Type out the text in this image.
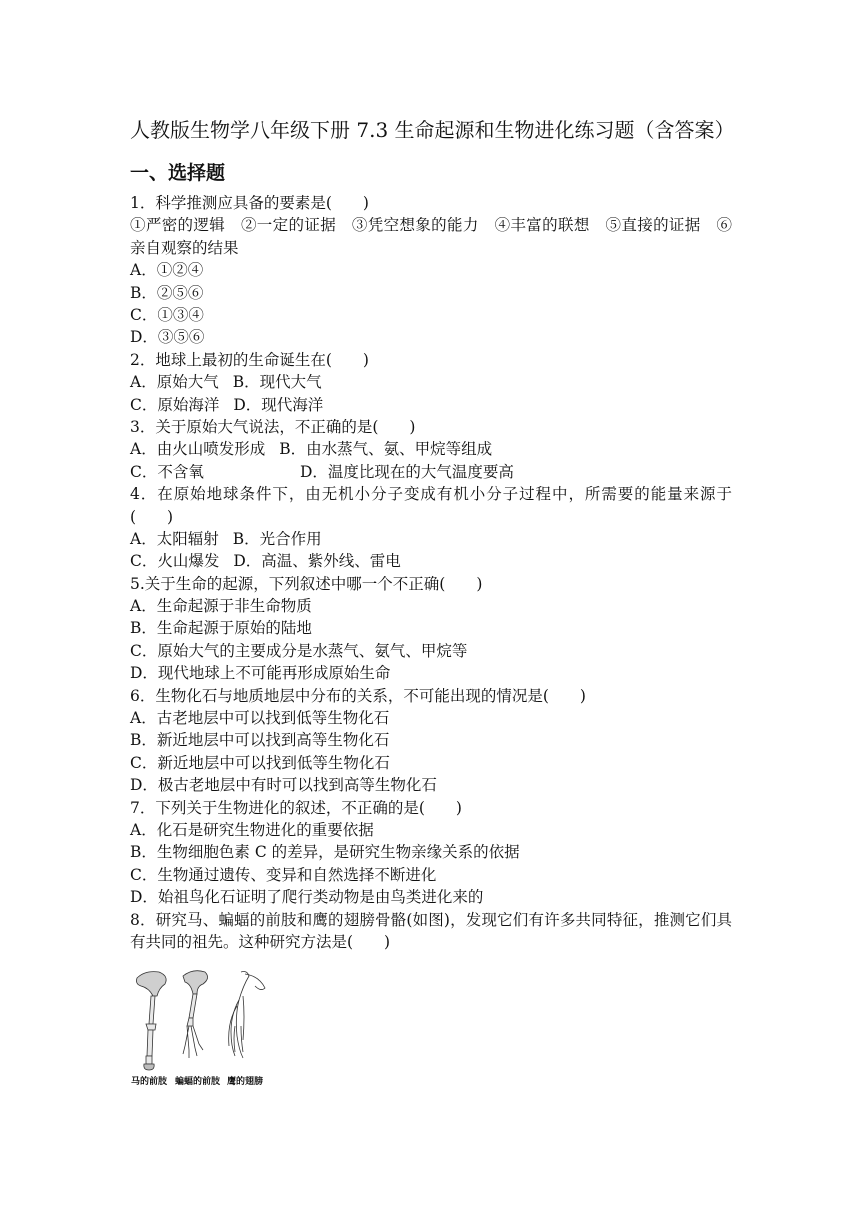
人教版生物学八年级下册 7.3 生命起源和生物进化练习题（含答案）
一、选择题
1．科学推测应具备的要素是(　　)
①严密的逻辑　②一定的证据　③凭空想象的能力　④丰富的联想　⑤直接的证据　⑥亲自观察的结果
A．①②④
B．②⑤⑥
C．①③④
D．③⑤⑥
2．地球上最初的生命诞生在(　　)
A．原始大气 B．现代大气
C．原始海洋 D．现代海洋
3．关于原始大气说法，不正确的是(　　)
A．由火山喷发形成 B．由水蒸气、氨、甲烷等组成
C．不含氧	D．温度比现在的大气温度要高
4．在原始地球条件下，由无机小分子变成有机小分子过程中，所需要的能量来源于(　　)
A．太阳辐射 B．光合作用
C．火山爆发 D．高温、紫外线、雷电
5.关于生命的起源，下列叙述中哪一个不正确(　　)
A．生命起源于非生命物质
B．生命起源于原始的陆地
C．原始大气的主要成分是水蒸气、氨气、甲烷等
D．现代地球上不可能再形成原始生命
6．生物化石与地质地层中分布的关系，不可能出现的情况是(　　)
A．古老地层中可以找到低等生物化石
B．新近地层中可以找到高等生物化石
C．新近地层中可以找到低等生物化石
D．极古老地层中有时可以找到高等生物化石
7．下列关于生物进化的叙述，不正确的是(　　)
A．化石是研究生物进化的重要依据
B．生物细胞色素 C 的差异，是研究生物亲缘关系的依据
C．生物通过遗传、变异和自然选择不断进化
D．始祖鸟化石证明了爬行类动物是由鸟类进化来的
8．研究马、蝙蝠的前肢和鹰的翅膀骨骼(如图)，发现它们有许多共同特征，推测它们具有共同的祖先。这种研究方法是(　　)
马的前肢 蝙蝠的前肢 鹰的翅膀
